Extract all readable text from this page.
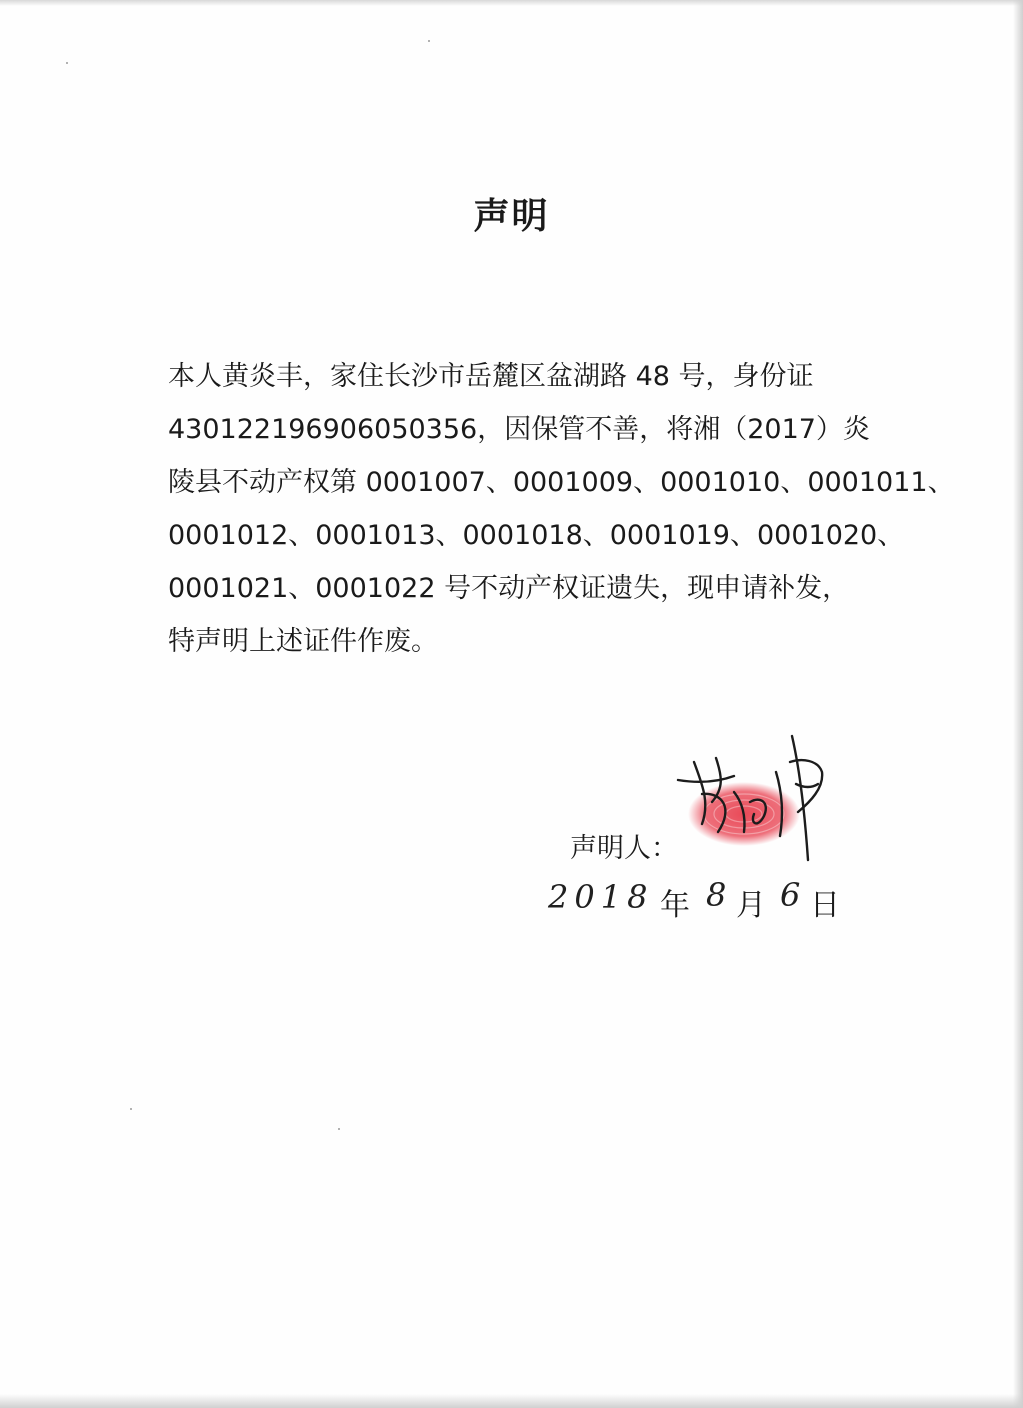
声明
本人黄炎丰，家住长沙市岳麓区盆湖路 48 号，身份证
430122196906050356，因保管不善，将湘（2017）炎
陵县不动产权第 0001007、0001009、0001010、0001011、
0001012、0001013、0001018、0001019、0001020、
0001021、0001022 号不动产权证遗失，现申请补发，
特声明上述证件作废。
声明人：
2018 年 8 月 6 日
